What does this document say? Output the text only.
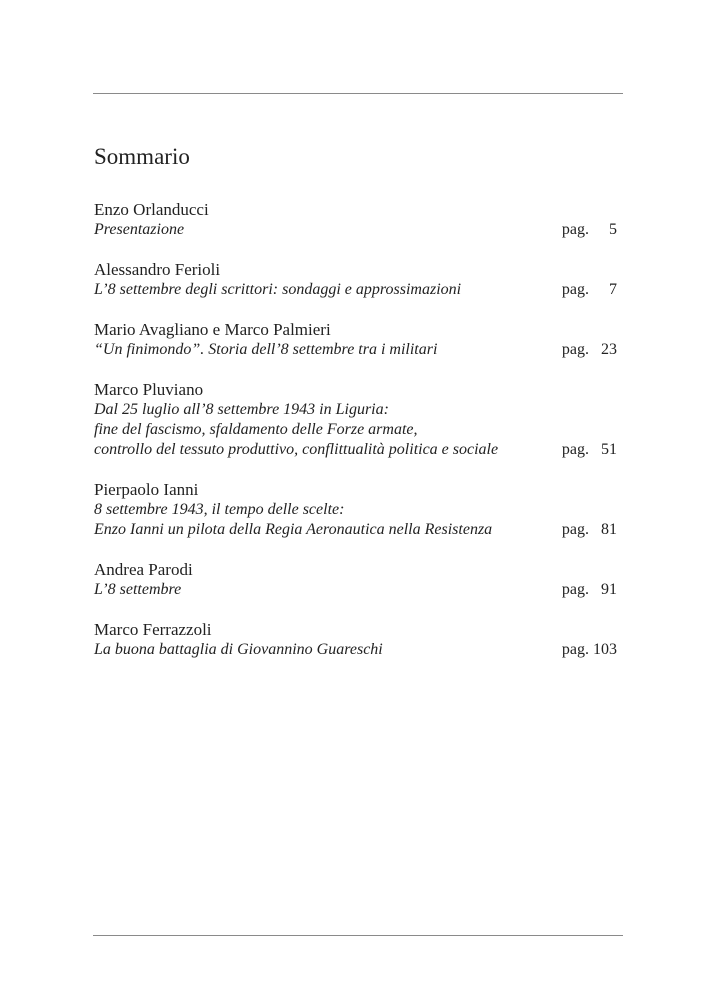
Sommario
Enzo Orlanducci
Presentazione	pag. 5
Alessandro Ferioli
L’8 settembre degli scrittori: sondaggi e approssimazioni	pag. 7
Mario Avagliano e Marco Palmieri
“Un finimondo”. Storia dell’8 settembre tra i militari	pag. 23
Marco Pluviano
Dal 25 luglio all’8 settembre 1943 in Liguria:
fine del fascismo, sfaldamento delle Forze armate,
controllo del tessuto produttivo, conflittualità politica e sociale	pag. 51
Pierpaolo Ianni
8 settembre 1943, il tempo delle scelte:
Enzo Ianni un pilota della Regia Aeronautica nella Resistenza	pag. 81
Andrea Parodi
L’8 settembre	pag. 91
Marco Ferrazzoli
La buona battaglia di Giovannino Guareschi	pag. 103
